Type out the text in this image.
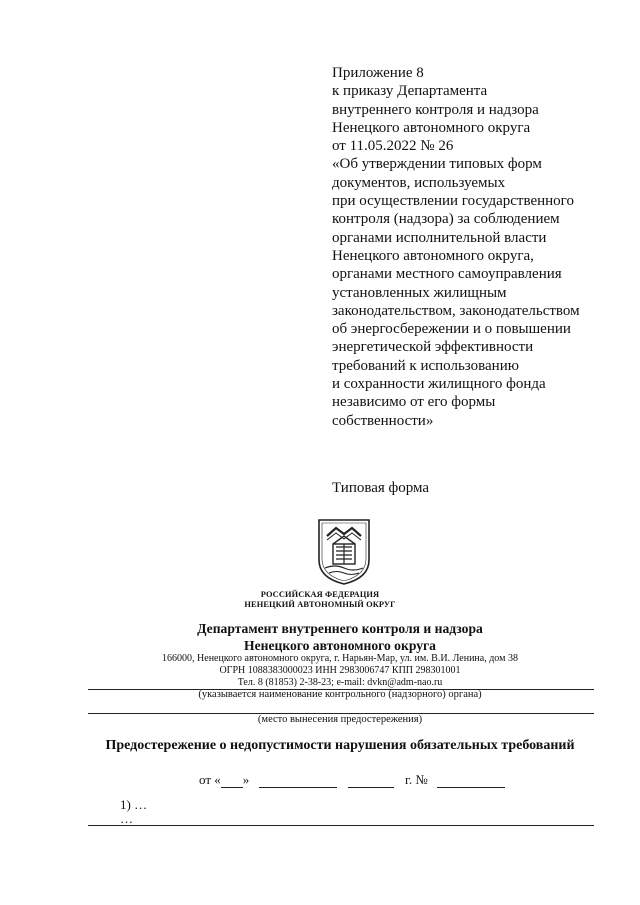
Приложение 8
к приказу Департамента
внутреннего контроля и надзора
Ненецкого автономного округа
от 11.05.2022 № 26
«Об утверждении типовых форм
документов, используемых
при осуществлении государственного
контроля (надзора) за соблюдением
органами исполнительной власти
Ненецкого автономного округа,
органами местного самоуправления
установленных жилищным
законодательством, законодательством
об энергосбережении и о повышении
энергетической эффективности
требований к использованию
и сохранности жилищного фонда
независимо от его формы
собственности»
Типовая форма
РОССИЙСКАЯ ФЕДЕРАЦИЯ
НЕНЕЦКИЙ АВТОНОМНЫЙ ОКРУГ
Департамент внутреннего контроля и надзора
Ненецкого автономного округа
166000, Ненецкого автономного округа, г. Нарьян-Мар, ул. им. В.И. Ленина, дом 38
ОГРН 1088383000023 ИНН 2983006747 КПП 298301001
Тел. 8 (81853) 2-38-23; e-mail: dvkn@adm-nao.ru
(указывается наименование контрольного (надзорного) органа)
(место вынесения предостережения)
Предостережение о недопустимости нарушения обязательных требований
от « »	г. №
1) …
…
